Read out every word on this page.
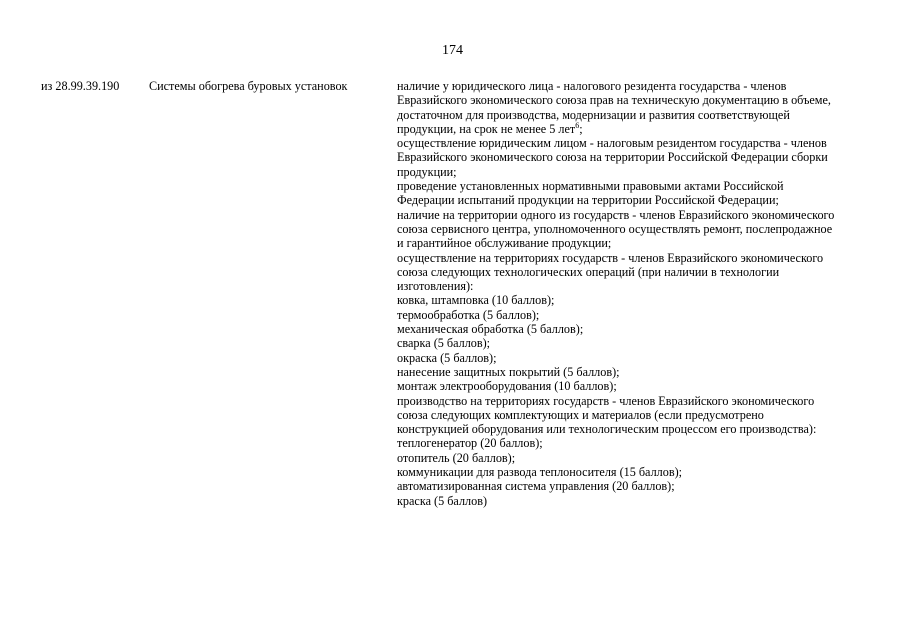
174
из 28.99.39.190 Системы обогрева буровых установок	наличие у юридического лица - налогового резидента государства - членов
Евразийского экономического союза прав на техническую документацию в объеме,
достаточном для производства, модернизации и развития соответствующей
продукции, на срок не менее 5 лет$^6$;
осуществление юридическим лицом - налоговым резидентом государства - членов
Евразийского экономического союза на территории Российской Федерации сборки
продукции;
проведение установленных нормативными правовыми актами Российской
Федерации испытаний продукции на территории Российской Федерации;
наличие на территории одного из государств - членов Евразийского экономического
союза сервисного центра, уполномоченного осуществлять ремонт, послепродажное
и гарантийное обслуживание продукции;
осуществление на территориях государств - членов Евразийского экономического
союза следующих технологических операций (при наличии в технологии
изготовления):
ковка, штамповка (10 баллов);
термообработка (5 баллов);
механическая обработка (5 баллов);
сварка (5 баллов);
окраска (5 баллов);
нанесение защитных покрытий (5 баллов);
монтаж электрооборудования (10 баллов);
производство на территориях государств - членов Евразийского экономического
союза следующих комплектующих и материалов (если предусмотрено
конструкцией оборудования или технологическим процессом его производства):
теплогенератор (20 баллов);
отопитель (20 баллов);
коммуникации для развода теплоносителя (15 баллов);
автоматизированная система управления (20 баллов);
краска (5 баллов)
